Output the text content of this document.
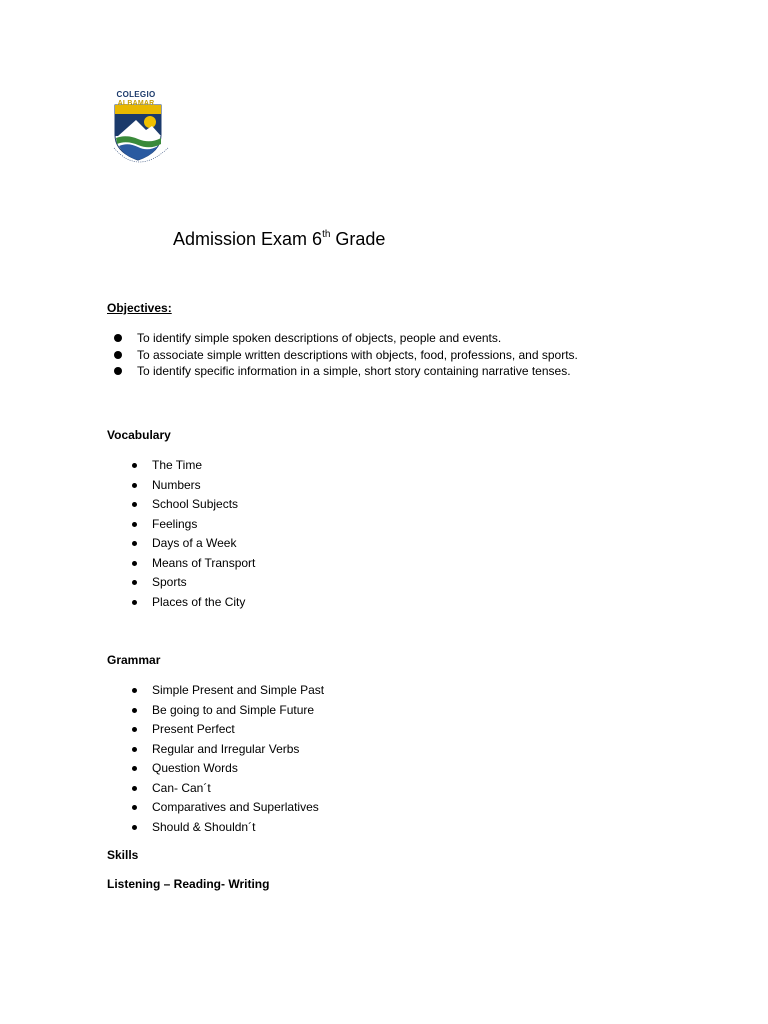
COLEGIO
ALBAMAR
Admission Exam 6th Grade
Objectives:
To identify simple spoken descriptions of objects, people and events.
To associate simple written descriptions with objects, food, professions, and sports.
To identify specific information in a simple, short story containing narrative tenses.
Vocabulary
The Time
Numbers
School Subjects
Feelings
Days of a Week
Means of Transport
Sports
Places of the City
Grammar
Simple Present and Simple Past
Be going to and Simple Future
Present Perfect
Regular and Irregular Verbs
Question Words
Can- Can´t
Comparatives and Superlatives
Should & Shouldn´t
Skills
Listening – Reading- Writing
